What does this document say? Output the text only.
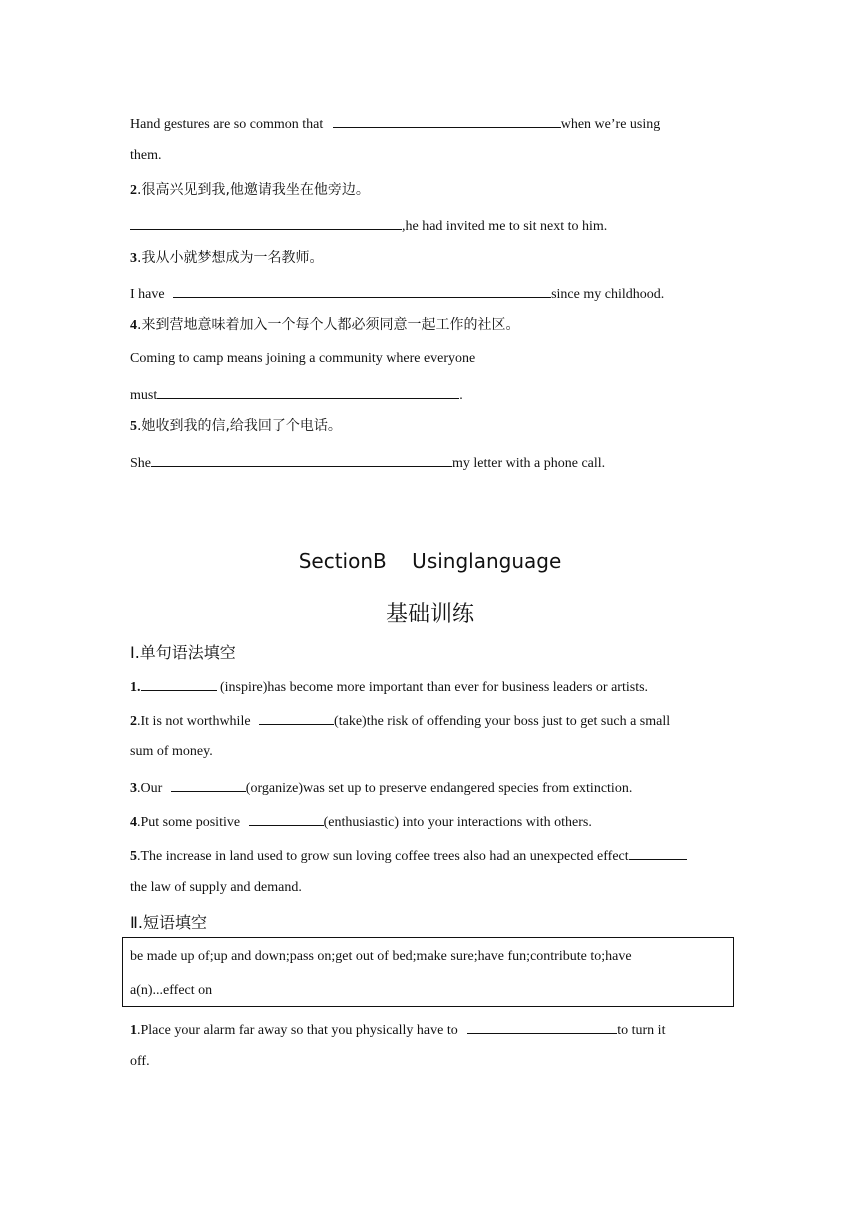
Hand gestures are so common that	when we’re using
them.
2.很高兴见到我,他邀请我坐在他旁边。
,he had invited me to sit next to him.
3.我从小就梦想成为一名教师。
I have	since my childhood.
4.来到营地意味着加入一个每个人都必须同意一起工作的社区。
Coming to camp means joining a community where everyone
must	.
5.她收到我的信,给我回了个电话。
She	my letter with a phone call.
SectionB    Usinglanguage
基础训练
Ⅰ.单句语法填空
1.	(inspire)has become more important than ever for business leaders or artists.
2.It is not worthwhile	(take)the risk of offending your boss just to get such a small
sum of money.
3.Our	(organize)was set up to preserve endangered species from extinction.
4.Put some positive	(enthusiastic) into your interactions with others.
5.The increase in land used to grow sun loving coffee trees also had an unexpected effect
the law of supply and demand.
Ⅱ.短语填空
be made up of;up and down;pass on;get out of bed;make sure;have fun;contribute to;have
a(n)...effect on
1.Place your alarm far away so that you physically have to	to turn it
off.
